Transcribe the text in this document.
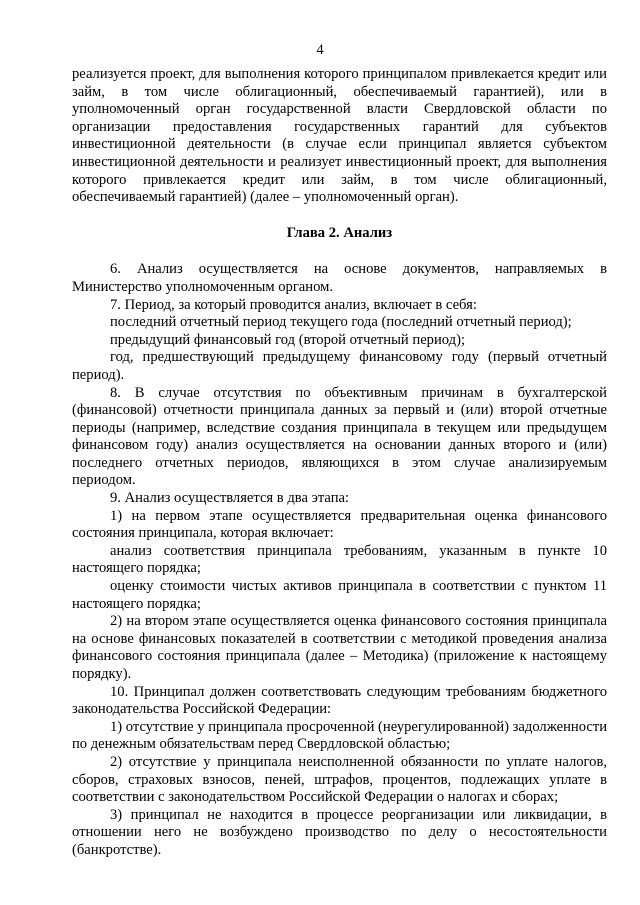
4

реализуется проект, для выполнения которого принципалом привлекается кредит или займ, в том числе облигационный, обеспечиваемый гарантией), или в уполномоченный орган государственной власти Свердловской области по организации предоставления государственных гарантий для субъектов инвестиционной деятельности (в случае если принципал является субъектом инвестиционной деятельности и реализует инвестиционный проект, для выполнения которого привлекается кредит или займ, в том числе облигационный, обеспечиваемый гарантией) (далее – уполномоченный орган).

Глава 2. Анализ

6. Анализ осуществляется на основе документов, направляемых в Министерство уполномоченным органом.

7. Период, за который проводится анализ, включает в себя:

последний отчетный период текущего года (последний отчетный период);

предыдущий финансовый год (второй отчетный период);

год, предшествующий предыдущему финансовому году (первый отчетный период).

8. В случае отсутствия по объективным причинам в бухгалтерской (финансовой) отчетности принципала данных за первый и (или) второй отчетные периоды (например, вследствие создания принципала в текущем или предыдущем финансовом году) анализ осуществляется на основании данных второго и (или) последнего отчетных периодов, являющихся в этом случае анализируемым периодом.

9. Анализ осуществляется в два этапа:

1) на первом этапе осуществляется предварительная оценка финансового состояния принципала, которая включает:

анализ соответствия принципала требованиям, указанным в пункте 10 настоящего порядка;

оценку стоимости чистых активов принципала в соответствии с пунктом 11 настоящего порядка;

2) на втором этапе осуществляется оценка финансового состояния принципала на основе финансовых показателей в соответствии с методикой проведения анализа финансового состояния принципала (далее – Методика) (приложение к настоящему порядку).

10. Принципал должен соответствовать следующим требованиям бюджетного законодательства Российской Федерации:

1) отсутствие у принципала просроченной (неурегулированной) задолженности по денежным обязательствам перед Свердловской областью;

2) отсутствие у принципала неисполненной обязанности по уплате налогов, сборов, страховых взносов, пеней, штрафов, процентов, подлежащих уплате в соответствии с законодательством Российской Федерации о налогах и сборах;

3) принципал не находится в процессе реорганизации или ликвидации, в отношении него не возбуждено производство по делу о несостоятельности (банкротстве).
